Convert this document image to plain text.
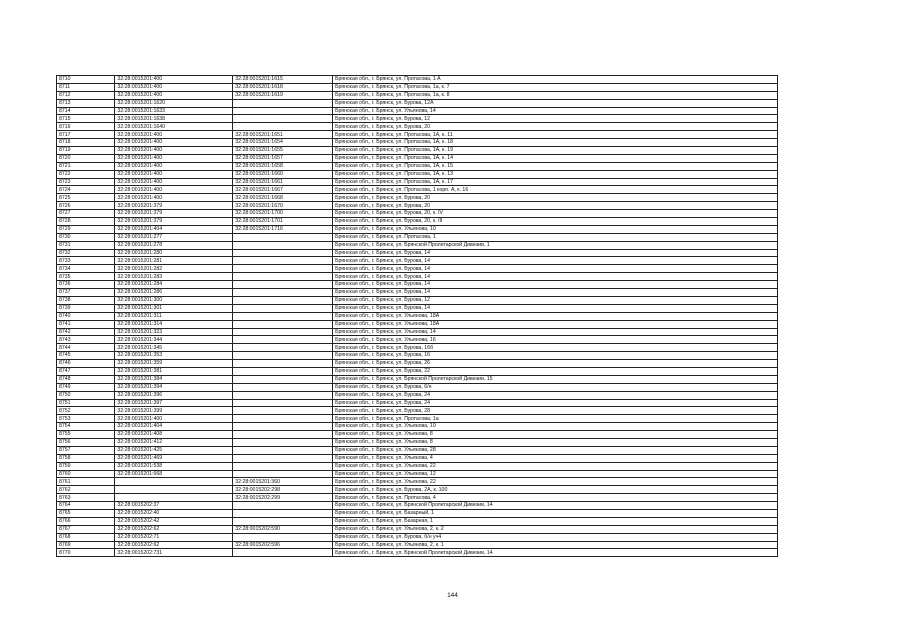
8710	32:28:0015201:400	32:28:0015201:1615	Брянская обл., г. Брянск, ул. Протасова, 1 А
8711	32:28:0015201:400	32:28:0015201:1618	Брянская обл., г. Брянск, ул. Протасова, 1а, к. 7
8712	32:28:0015201:400	32:28:0015201:1619	Брянская обл., г. Брянск, ул. Протасова, 1а, к. 8
8713	32:28:0015201:1620		Брянская обл., г. Брянск, ул. Бурова, 12А
8714	32:28:0015201:1633		Брянская обл., г. Брянск, ул. Ульянова, 14
8715	32:28:0015201:1638		Брянская обл., г. Брянск, ул. Бурова, 12
8716	32:28:0015201:1640		Брянская обл., г. Брянск, ул. Бурова, 20
8717	32:28:0015201:400	32:28:0015201:1651	Брянская обл., г. Брянск, ул. Протасова, 1А, к. 11
8718	32:28:0015201:400	32:28:0015201:1654	Брянская обл., г. Брянск, ул. Протасова, 1А, к. 18
8719	32:28:0015201:400	32:28:0015201:1655	Брянская обл., г. Брянск, ул. Протасова, 1А, к. 19
8720	32:28:0015201:400	32:28:0015201:1657	Брянская обл., г. Брянск, ул. Протасова, 1А, к. 14
8721	32:28:0015201:400	32:28:0015201:1658	Брянская обл., г. Брянск, ул. Протасова, 1А, к. 15
8722	32:28:0015201:400	32:28:0015201:1660	Брянская обл., г. Брянск, ул. Протасова, 1А, к. 13
8723	32:28:0015201:400	32:28:0015201:1661	Брянская обл., г. Брянск, ул. Протасова, 1А, к. 17
8724	32:28:0015201:400	32:28:0015201:1667	Брянская обл., г. Брянск, ул. Протасова, 1 корп. А, к. 16
8725	32:28:0015201:400	32:28:0015201:1668	Брянская обл., г. Брянск, ул. Бурова, 20
8726	32:28:0015201:379	32:28:0015201:1670	Брянская обл., г. Брянск, ул. Бурова, 20
8727	32:28:0015201:379	32:28:0015201:1700	Брянская обл., г. Брянск, ул. Бурова, 20, к. IV
8728	32:28:0015201:379	32:28:0015201:1701	Брянская обл., г. Брянск, ул. Бурова, 20, к. III
8729	32:28:0015201:404	32:28:0015201:1716	Брянская обл., г. Брянск, ул. Ульянова, 10
8730	32:28:0015201:277		Брянская обл., г. Брянск, ул. Протасова, 1
8731	32:28:0015201:278		Брянская обл., г. Брянск, ул. Брянской Пролетарской Дивизии, 1
8732	32:28:0015201:280		Брянская обл., г. Брянск, ул. Бурова, 14
8733	32:28:0015201:281		Брянская обл., г. Брянск, ул. Бурова, 14
8734	32:28:0015201:282		Брянская обл., г. Брянск, ул. Бурова, 14
8735	32:28:0015201:283		Брянская обл., г. Брянск, ул. Бурова, 14
8736	32:28:0015201:284		Брянская обл., г. Брянск, ул. Бурова, 14
8737	32:28:0015201:286		Брянская обл., г. Брянск, ул. Бурова, 14
8738	32:28:0015201:300		Брянская обл., г. Брянск, ул. Бурова, 12
8739	32:28:0015201:301		Брянская обл., г. Брянск, ул. Бурова, 14
8740	32:28:0015201:311		Брянская обл., г. Брянск, ул. Ульянова, 18А
8741	32:28:0015201:314		Брянская обл., г. Брянск, ул. Ульянова, 18А
8742	32:28:0015201:323		Брянская обл., г. Брянск, ул. Ульянова, 14
8743	32:28:0015201:344		Брянская обл., г. Брянск, ул. Ульянова, 16
8744	32:28:0015201:345		Брянская обл., г. Брянск, ул. Бурова, 16б
8745	32:28:0015201:353		Брянская обл., г. Брянск, ул. Бурова, 16
8746	32:28:0015201:359		Брянская обл., г. Брянск, ул. Бурова, 26
8747	32:28:0015201:381		Брянская обл., г. Брянск, ул. Бурова, 22
8748	32:28:0015201:384		Брянская обл., г. Брянск, ул. Брянской Пролетарской Дивизии, 15
8749	32:28:0015201:394		Брянская обл., г. Брянск, ул. Бурова, 6/н
8750	32:28:0015201:396		Брянская обл., г. Брянск, ул. Бурова, 24
8751	32:28:0015201:397		Брянская обл., г. Брянск, ул. Бурова, 24
8752	32:28:0015201:399		Брянская обл., г. Брянск, ул. Бурова, 28
8753	32:28:0015201:400		Брянская обл., г. Брянск, ул. Протасова, 1а
8754	32:28:0015201:404		Брянская обл., г. Брянск, ул. Ульянова, 10
8755	32:28:0015201:408		Брянская обл., г. Брянск, ул. Ульянова, 8
8756	32:28:0015201:412		Брянская обл., г. Брянск, ул. Ульянова, 8
8757	32:28:0015201:425		Брянская обл., г. Брянск, ул. Ульянова, 28
8758	32:28:0015201:469		Брянская обл., г. Брянск, ул. Ульянова, 4
8759	32:28:0015201:538		Брянская обл., г. Брянск, ул. Ульянова, 22
8760	32:28:0015201:668		Брянская обл., г. Брянск, ул. Ульянова, 12
8761		32:28:0015201:360	Брянская обл., г. Брянск, ул. Ульянова, 22
8762		32:28:0015202:298	Брянская обл., г. Брянск, ул. Бурова, 2А, к. 100
8763		32:28:0015202:299	Брянская обл., г. Брянск, ул. Протасова, 4
8764	32:28:0015202:37		Брянская обл., г. Брянск, ул. Брянской Пролетарской Дивизии, 14
8765	32:28:0015202:40		Брянская обл., г. Брянск, ул. Базарный, 1
8766	32:28:0015202:42		Брянская обл., г. Брянск, ул. Базарная, 1
8767	32:28:0015202:62	32:28:0015202:590	Брянская обл., г. Брянск, ул. Ульянова, 2, к. 2
8768	32:28:0015202:71		Брянская обл., г. Брянск, ул. Бурова, б/н уч4
8769	32:28:0015202:62	32:28:0015202:596	Брянская обл., г. Брянск, ул. Ульянова, 2, к. 1
8770	32:28:0015202:731		Брянская обл., г. Брянск, ул. Брянской Пролетарской Дивизии, 14
144
